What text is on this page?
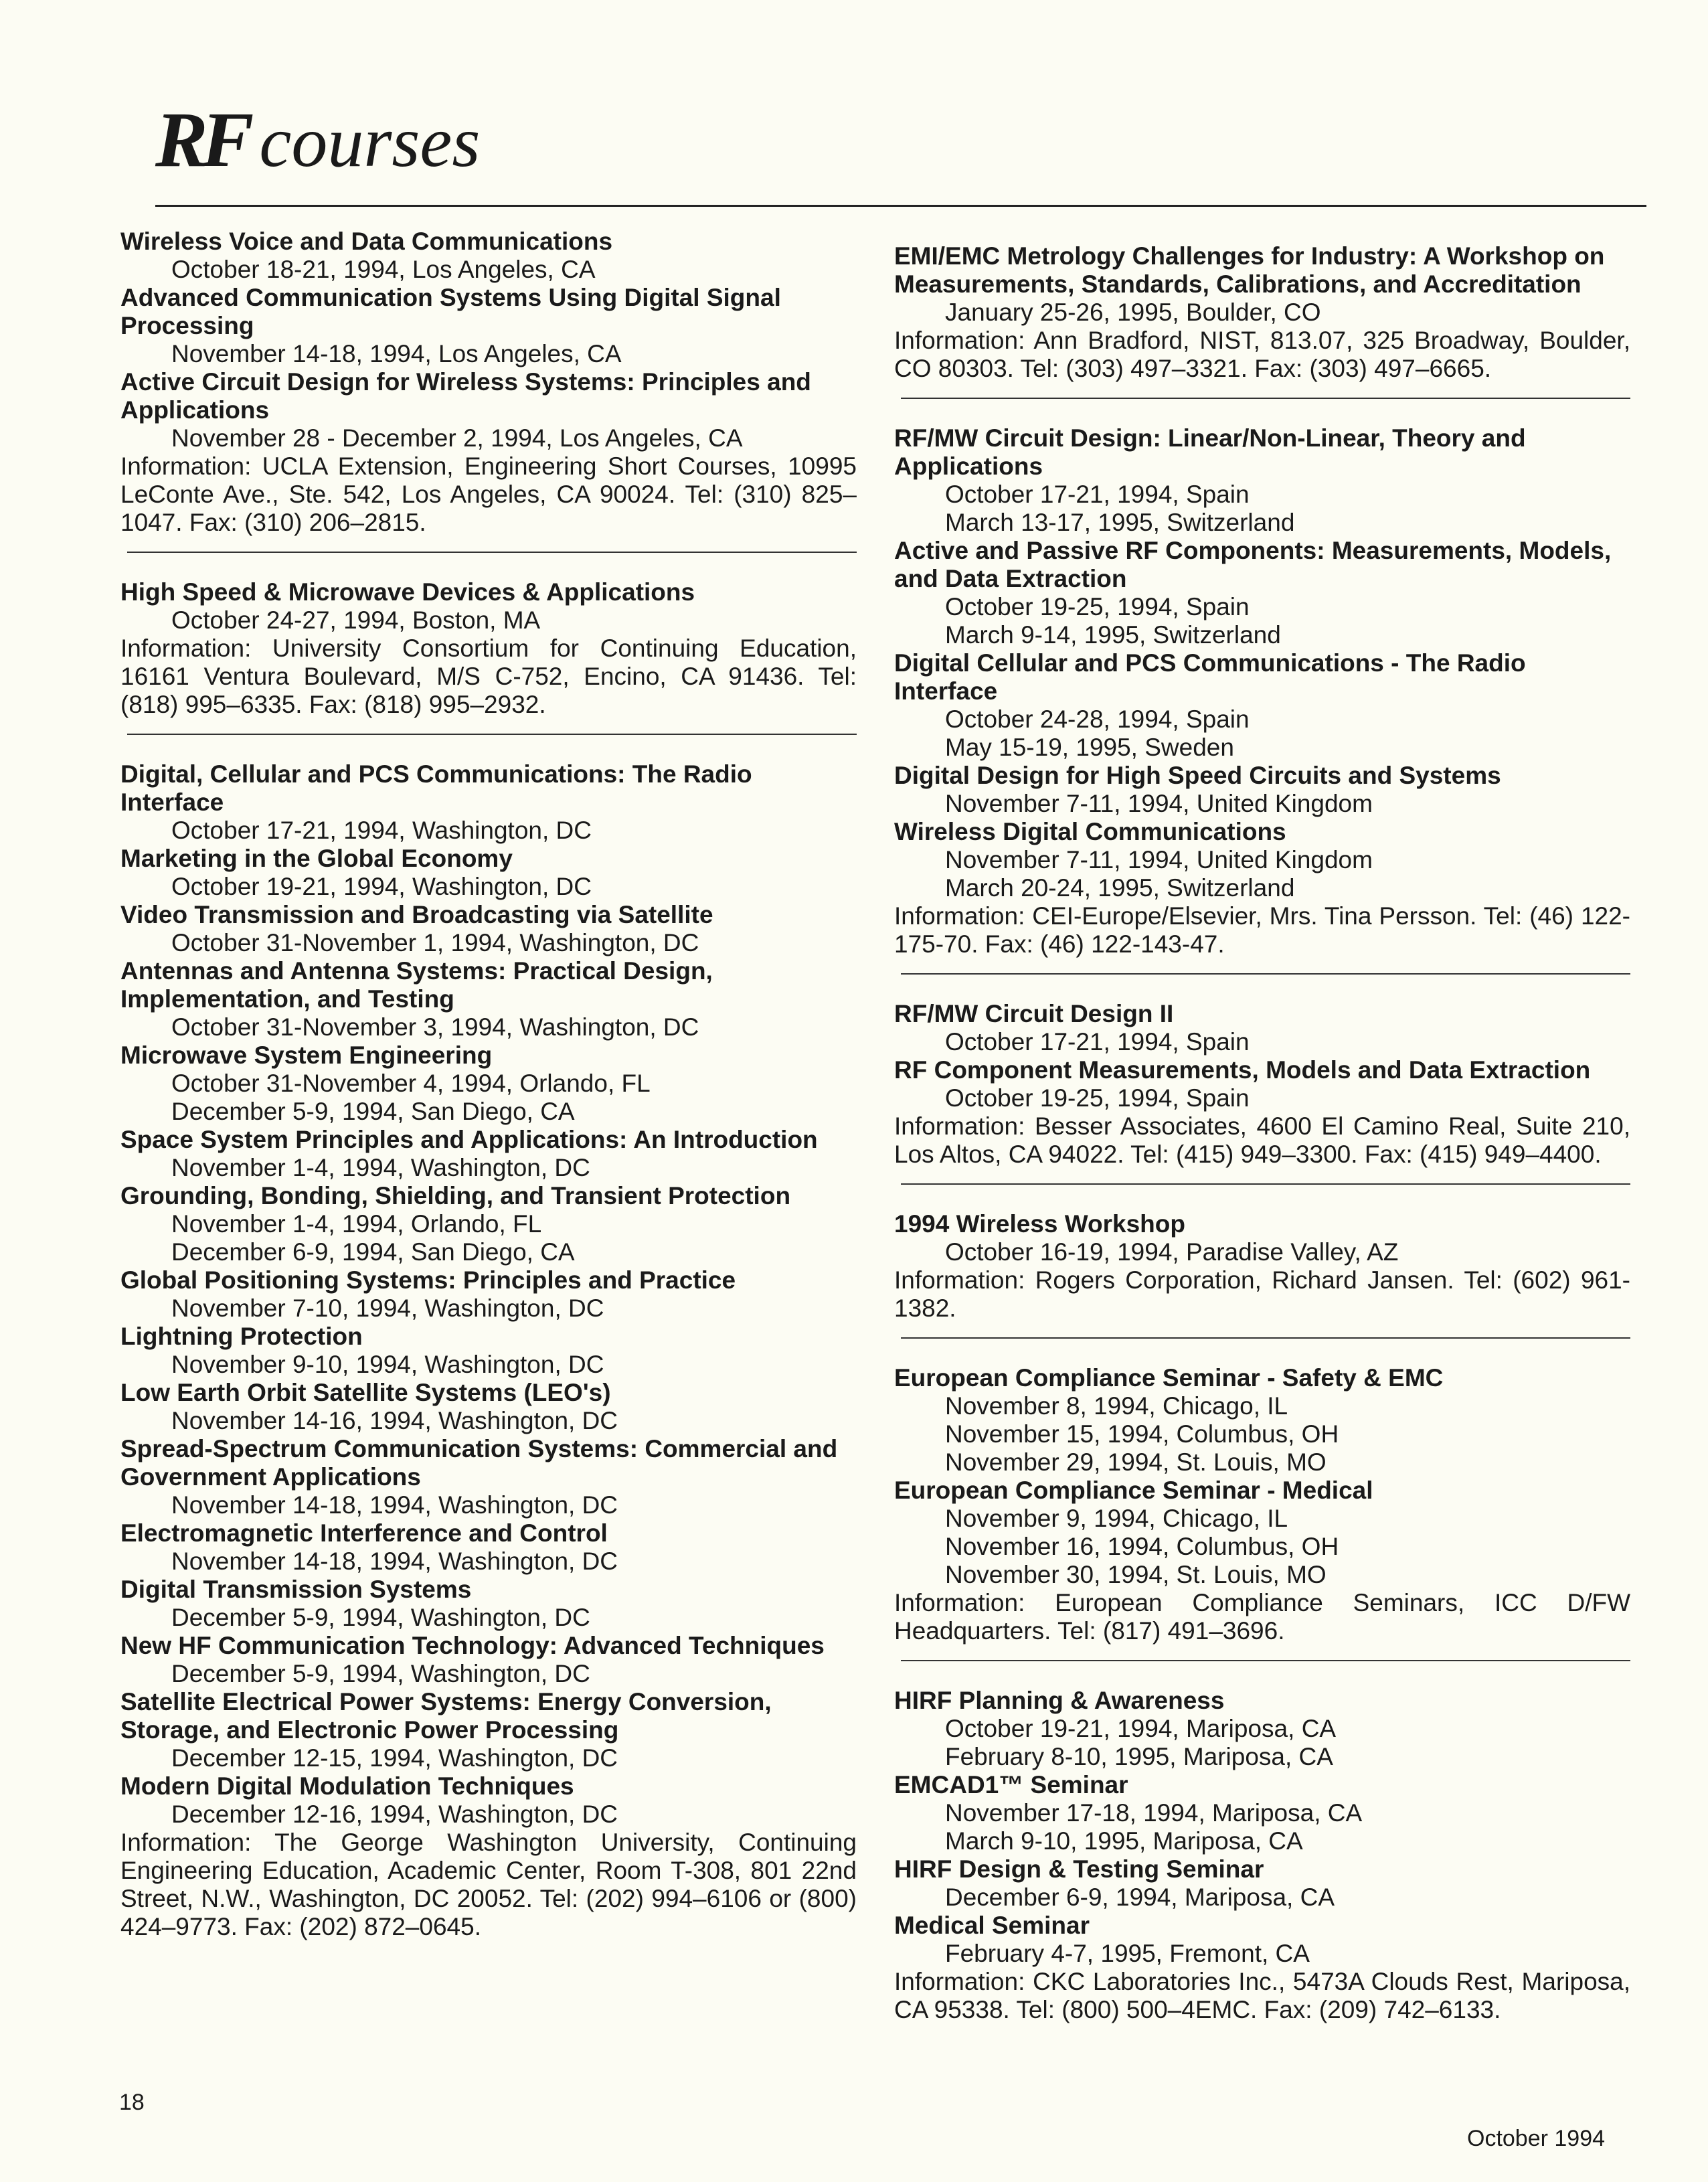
RF courses
Wireless Voice and Data Communications
October 18-21, 1994, Los Angeles, CA
Advanced Communication Systems Using Digital Signal Processing
November 14-18, 1994, Los Angeles, CA
Active Circuit Design for Wireless Systems: Principles and Applications
November 28 - December 2, 1994, Los Angeles, CA
Information: UCLA Extension, Engineering Short Courses, 10995 LeConte Ave., Ste. 542, Los Angeles, CA 90024. Tel: (310) 825–1047. Fax: (310) 206–2815.
High Speed & Microwave Devices & Applications
October 24-27, 1994, Boston, MA
Information: University Consortium for Continuing Education, 16161 Ventura Boulevard, M/S C-752, Encino, CA 91436. Tel: (818) 995–6335. Fax: (818) 995–2932.
Digital, Cellular and PCS Communications: The Radio Interface
October 17-21, 1994, Washington, DC
Marketing in the Global Economy
October 19-21, 1994, Washington, DC
Video Transmission and Broadcasting via Satellite
October 31-November 1, 1994, Washington, DC
Antennas and Antenna Systems: Practical Design, Implementation, and Testing
October 31-November 3, 1994, Washington, DC
Microwave System Engineering
October 31-November 4, 1994, Orlando, FL
December 5-9, 1994, San Diego, CA
Space System Principles and Applications: An Introduction
November 1-4, 1994, Washington, DC
Grounding, Bonding, Shielding, and Transient Protection
November 1-4, 1994, Orlando, FL
December 6-9, 1994, San Diego, CA
Global Positioning Systems: Principles and Practice
November 7-10, 1994, Washington, DC
Lightning Protection
November 9-10, 1994, Washington, DC
Low Earth Orbit Satellite Systems (LEO's)
November 14-16, 1994, Washington, DC
Spread-Spectrum Communication Systems: Commercial and Government Applications
November 14-18, 1994, Washington, DC
Electromagnetic Interference and Control
November 14-18, 1994, Washington, DC
Digital Transmission Systems
December 5-9, 1994, Washington, DC
New HF Communication Technology: Advanced Techniques
December 5-9, 1994, Washington, DC
Satellite Electrical Power Systems: Energy Conversion, Storage, and Electronic Power Processing
December 12-15, 1994, Washington, DC
Modern Digital Modulation Techniques
December 12-16, 1994, Washington, DC
Information: The George Washington University, Continuing Engineering Education, Academic Center, Room T-308, 801 22nd Street, N.W., Washington, DC 20052. Tel: (202) 994–6106 or (800) 424–9773. Fax: (202) 872–0645.
EMI/EMC Metrology Challenges for Industry: A Workshop on Measurements, Standards, Calibrations, and Accreditation
January 25-26, 1995, Boulder, CO
Information: Ann Bradford, NIST, 813.07, 325 Broadway, Boulder, CO 80303. Tel: (303) 497–3321. Fax: (303) 497–6665.
RF/MW Circuit Design: Linear/Non-Linear, Theory and Applications
October 17-21, 1994, Spain
March 13-17, 1995, Switzerland
Active and Passive RF Components: Measurements, Models, and Data Extraction
October 19-25, 1994, Spain
March 9-14, 1995, Switzerland
Digital Cellular and PCS Communications - The Radio Interface
October 24-28, 1994, Spain
May 15-19, 1995, Sweden
Digital Design for High Speed Circuits and Systems
November 7-11, 1994, United Kingdom
Wireless Digital Communications
November 7-11, 1994, United Kingdom
March 20-24, 1995, Switzerland
Information: CEI-Europe/Elsevier, Mrs. Tina Persson. Tel: (46) 122-175-70. Fax: (46) 122-143-47.
RF/MW Circuit Design II
October 17-21, 1994, Spain
RF Component Measurements, Models and Data Extraction
October 19-25, 1994, Spain
Information: Besser Associates, 4600 El Camino Real, Suite 210, Los Altos, CA 94022. Tel: (415) 949–3300. Fax: (415) 949–4400.
1994 Wireless Workshop
October 16-19, 1994, Paradise Valley, AZ
Information: Rogers Corporation, Richard Jansen. Tel: (602) 961-1382.
European Compliance Seminar - Safety & EMC
November 8, 1994, Chicago, IL
November 15, 1994, Columbus, OH
November 29, 1994, St. Louis, MO
European Compliance Seminar - Medical
November 9, 1994, Chicago, IL
November 16, 1994, Columbus, OH
November 30, 1994, St. Louis, MO
Information: European Compliance Seminars, ICC D/FW Headquarters. Tel: (817) 491–3696.
HIRF Planning & Awareness
October 19-21, 1994, Mariposa, CA
February 8-10, 1995, Mariposa, CA
EMCAD1™ Seminar
November 17-18, 1994, Mariposa, CA
March 9-10, 1995, Mariposa, CA
HIRF Design & Testing Seminar
December 6-9, 1994, Mariposa, CA
Medical Seminar
February 4-7, 1995, Fremont, CA
Information: CKC Laboratories Inc., 5473A Clouds Rest, Mariposa, CA 95338. Tel: (800) 500–4EMC. Fax: (209) 742–6133.
18
October 1994
